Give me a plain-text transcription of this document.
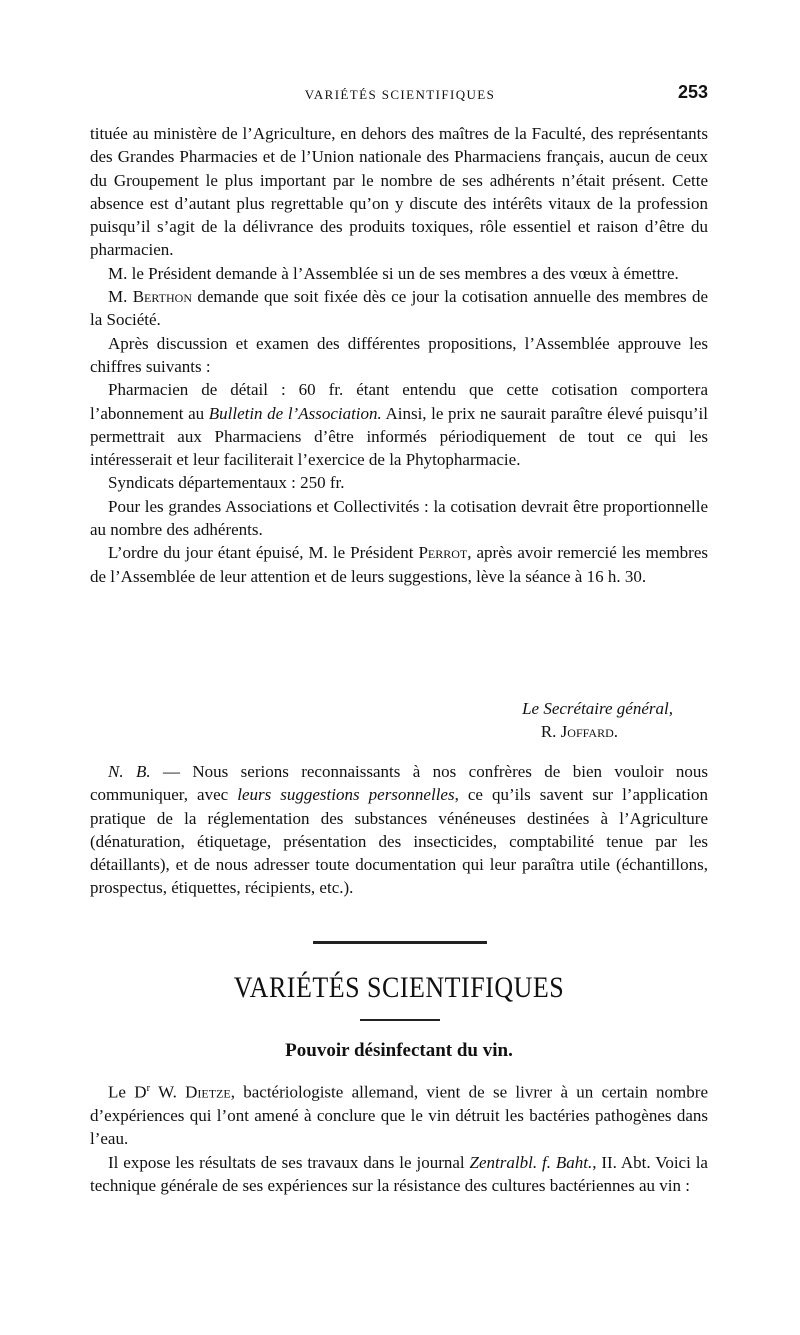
VARIÉTÉS SCIENTIFIQUES	253

tituée au ministère de l’Agriculture, en dehors des maîtres de la Faculté, des représentants des Grandes Pharmacies et de l’Union nationale des Pharmaciens français, aucun de ceux du Groupement le plus important par le nombre de ses adhérents n’était présent. Cette absence est d’autant plus regrettable qu’on y discute des intérêts vitaux de la profession puisqu’il s’agit de la délivrance des produits toxiques, rôle essentiel et raison d’être du pharmacien.

M. le Président demande à l’Assemblée si un de ses membres a des vœux à émettre.

M. Berthon demande que soit fixée dès ce jour la cotisation annuelle des membres de la Société.

Après discussion et examen des différentes propositions, l’Assemblée approuve les chiffres suivants :

Pharmacien de détail : 60 fr. étant entendu que cette cotisation comportera l’abonnement au Bulletin de l’Association. Ainsi, le prix ne saurait paraître élevé puisqu’il permettrait aux Pharmaciens d’être informés périodiquement de tout ce qui les intéresserait et leur faciliterait l’exercice de la Phytopharmacie.

Syndicats départementaux : 250 fr.

Pour les grandes Associations et Collectivités : la cotisation devrait être proportionnelle au nombre des adhérents.

L’ordre du jour étant épuisé, M. le Président Perrot, après avoir remercié les membres de l’Assemblée de leur attention et de leurs suggestions, lève la séance à 16 h. 30.

Le Secrétaire général,
R. Joffard.

N. B. — Nous serions reconnaissants à nos confrères de bien vouloir nous communiquer, avec leurs suggestions personnelles, ce qu’ils savent sur l’application pratique de la réglementation des substances vénéneuses destinées à l’Agriculture (dénaturation, étiquetage, présentation des insecticides, comptabilité tenue par les détaillants), et de nous adresser toute documentation qui leur paraîtra utile (échantillons, prospectus, étiquettes, récipients, etc.).

VARIÉTÉS SCIENTIFIQUES
Pouvoir désinfectant du vin.

Le $D^r$ W. Dietze, bactériologiste allemand, vient de se livrer à un certain nombre d’expériences qui l’ont amené à conclure que le vin détruit les bactéries pathogènes dans l’eau.

Il expose les résultats de ses travaux dans le journal Zentralbl. f. Baht., II. Abt. Voici la technique générale de ses expériences sur la résistance des cultures bactériennes au vin :
